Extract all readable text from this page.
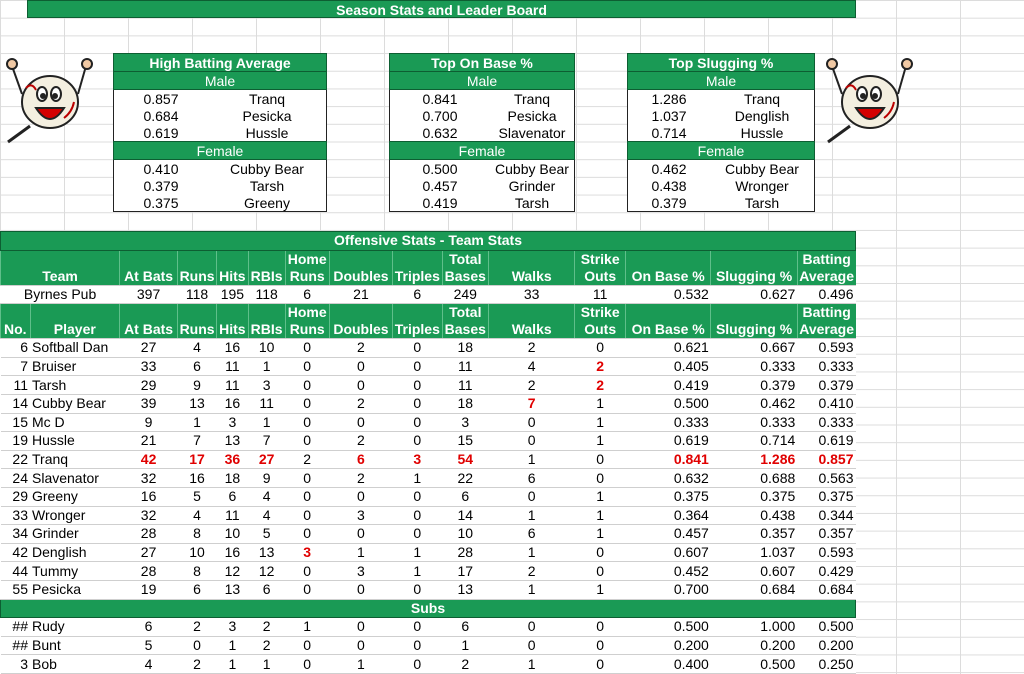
Season Stats and Leader Board
High Batting Average	
Male	
0.857	Tranq
0.684	Pesicka
0.619	Hussle
Female	
0.410	Cubby Bear
0.379	Tarsh
0.375	Greeny
Top On Base %	
Male	
0.841	Tranq
0.700	Pesicka
0.632	Slavenator
Female	
0.500	Cubby Bear
0.457	Grinder
0.419	Tarsh
Top Slugging %	
Male	
1.286	Tranq
1.037	Denglish
0.714	Hussle
Female	
0.462	Cubby Bear
0.438	Wronger
0.379	Tarsh
Offensive Stats - Team Stats														
Team		At Bats	Runs	Hits	RBIs	Home Runs	Doubles	Triples	Total Bases	Walks	Strike Outs	On Base %	Slugging %	Batting Average
Byrnes Pub		397	118	195	118	6	21	6	249	33	11	0.532	0.627	0.496
No.	Player	At Bats	Runs	Hits	RBIs	Home Runs	Doubles	Triples	Total Bases	Walks	Strike Outs	On Base %	Slugging %	Batting Average
6	Softball Dan	27	4	16	10	0	2	0	18	2	0	0.621	0.667	0.593
7	Bruiser	33	6	11	1	0	0	0	11	4	2	0.405	0.333	0.333
11	Tarsh	29	9	11	3	0	0	0	11	2	2	0.419	0.379	0.379
14	Cubby Bear	39	13	16	11	0	2	0	18	7	1	0.500	0.462	0.410
15	Mc D	9	1	3	1	0	0	0	3	0	1	0.333	0.333	0.333
19	Hussle	21	7	13	7	0	2	0	15	0	1	0.619	0.714	0.619
22	Tranq	42	17	36	27	2	6	3	54	1	0	0.841	1.286	0.857
24	Slavenator	32	16	18	9	0	2	1	22	6	0	0.632	0.688	0.563
29	Greeny	16	5	6	4	0	0	0	6	0	1	0.375	0.375	0.375
33	Wronger	32	4	11	4	0	3	0	14	1	1	0.364	0.438	0.344
34	Grinder	28	8	10	5	0	0	0	10	6	1	0.457	0.357	0.357
42	Denglish	27	10	16	13	3	1	1	28	1	0	0.607	1.037	0.593
44	Tummy	28	8	12	12	0	3	1	17	2	0	0.452	0.607	0.429
55	Pesicka	19	6	13	6	0	0	0	13	1	1	0.700	0.684	0.684
Subs														
##	Rudy	6	2	3	2	1	0	0	6	0	0	0.500	1.000	0.500
##	Bunt	5	0	1	2	0	0	0	1	0	0	0.200	0.200	0.200
3	Bob	4	2	1	1	0	1	0	2	1	0	0.400	0.500	0.250
